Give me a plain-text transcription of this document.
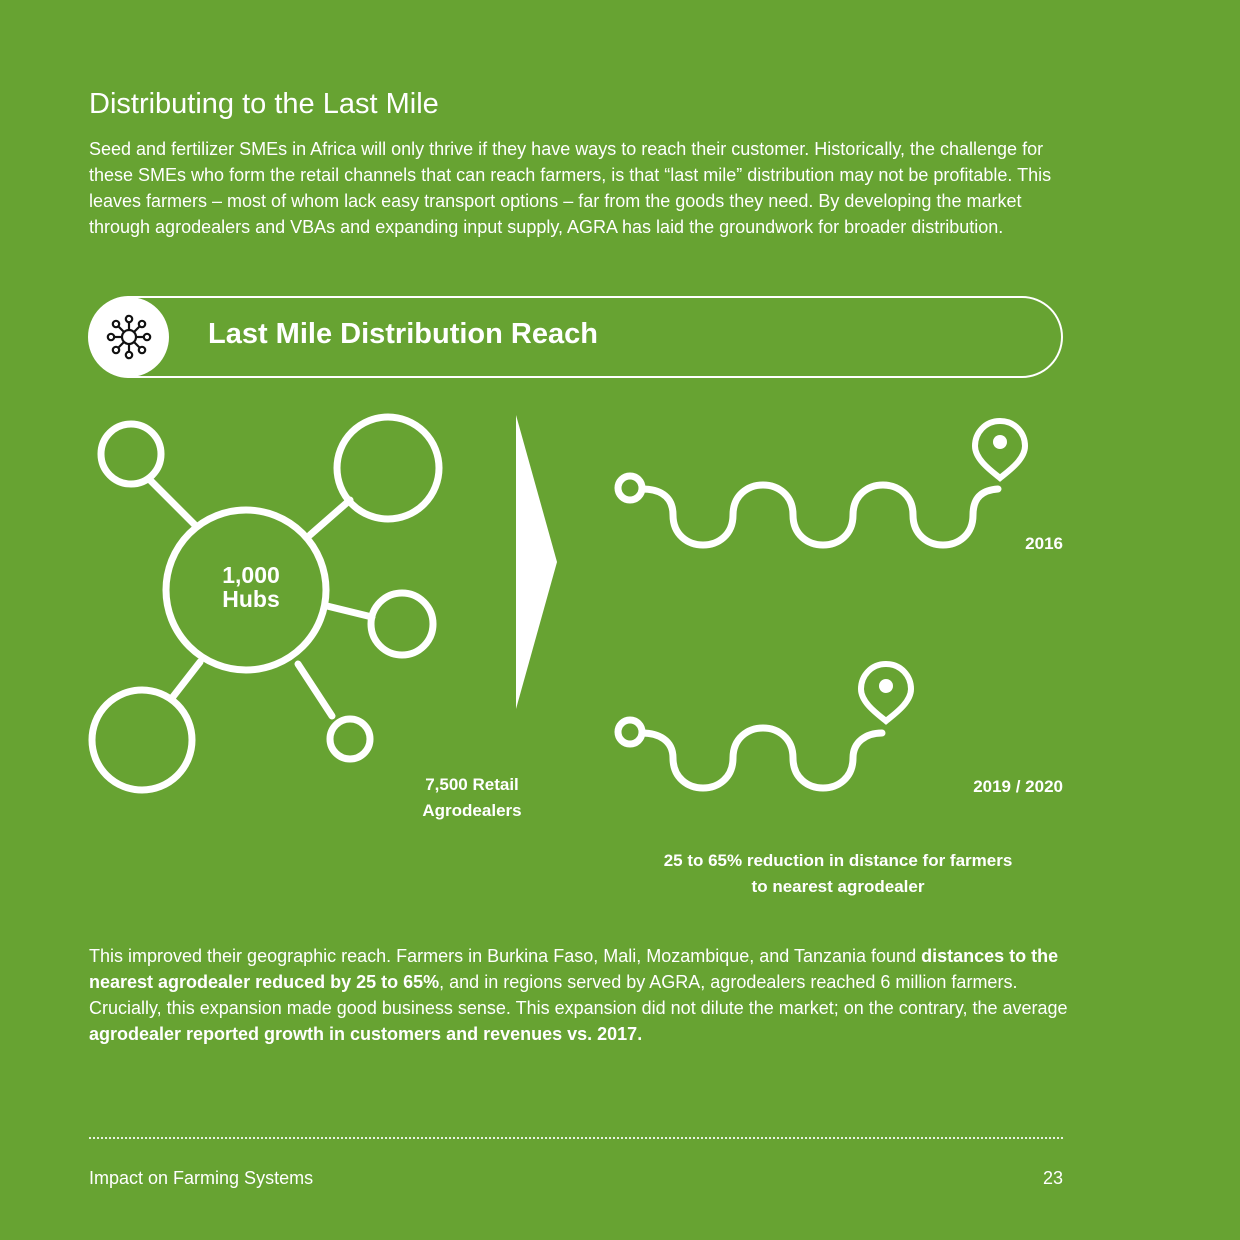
Distributing to the Last Mile

Seed and fertilizer SMEs in Africa will only thrive if they have ways to reach their customer. Historically, the challenge for these SMEs who form the retail channels that can reach farmers, is that “last mile” distribution may not be profitable. This leaves farmers – most of whom lack easy transport options – far from the goods they need. By developing the market through agrodealers and VBAs and expanding input supply, AGRA has laid the groundwork for broader distribution.

Last Mile Distribution Reach
1,000
Hubs
7,500 Retail
Agrodealers
2016
2019 / 2020
25 to 65% reduction in distance for farmers
to nearest agrodealer

This improved their geographic reach. Farmers in Burkina Faso, Mali, Mozambique, and Tanzania found distances to the nearest agrodealer reduced by 25 to 65%, and in regions served by AGRA, agrodealers reached 6 million farmers. Crucially, this expansion made good business sense. This expansion did not dilute the market; on the contrary, the average agrodealer reported growth in customers and revenues vs. 2017.

Impact on Farming Systems	23
